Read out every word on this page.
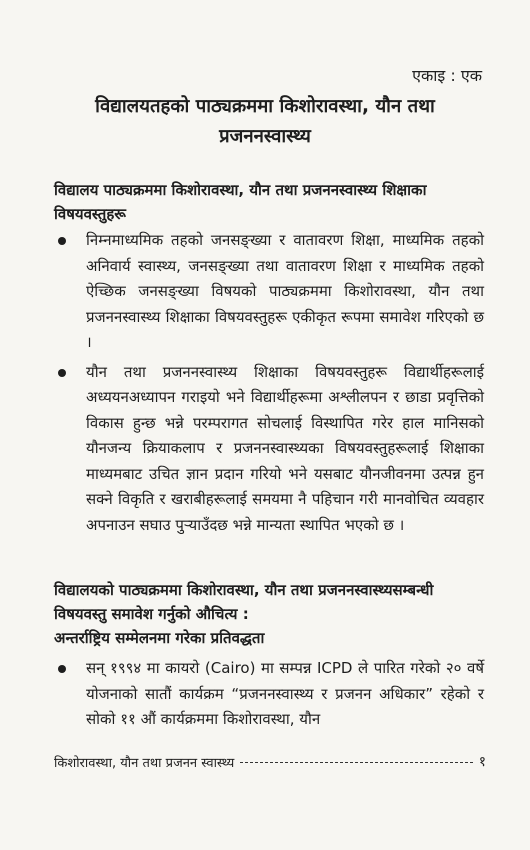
एकाइ : एक
विद्यालयतहको पाठ्यक्रममा किशोरावस्था, यौन तथा
प्रजननस्वास्थ्य
विद्यालय पाठ्यक्रममा किशोरावस्था, यौन तथा प्रजननस्वास्थ्य शिक्षाका विषयवस्तुहरू
निम्नमाध्यमिक तहको जनसङ्ख्या र वातावरण शिक्षा, माध्यमिक तहको अनिवार्य स्वास्थ्य, जनसङ्ख्या तथा वातावरण शिक्षा र माध्यमिक तहको ऐच्छिक जनसङ्ख्या विषयको पाठ्यक्रममा किशोरावस्था, यौन तथा प्रजननस्वास्थ्य शिक्षाका विषयवस्तुहरू एकीकृत रूपमा समावेश गरिएको छ ।
यौन तथा प्रजननस्वास्थ्य शिक्षाका विषयवस्तुहरू विद्यार्थीहरूलाई अध्ययनअध्यापन गराइयो भने विद्यार्थीहरूमा अश्लीलपन र छाडा प्रवृत्तिको विकास हुन्छ भन्ने परम्परागत सोचलाई विस्थापित गरेर हाल मानिसको यौनजन्य क्रियाकलाप र प्रजननस्वास्थ्यका विषयवस्तुहरूलाई शिक्षाका माध्यमबाट उचित ज्ञान प्रदान गरियो भने यसबाट यौनजीवनमा उत्पन्न हुन सक्ने विकृति र खराबीहरूलाई समयमा नै पहिचान गरी मानवोचित व्यवहार अपनाउन सघाउ पुऱ्याउँदछ भन्ने मान्यता स्थापित भएको छ ।
विद्यालयको पाठ्यक्रममा किशोरावस्था, यौन तथा प्रजननस्वास्थ्यसम्बन्धी विषयवस्तु समावेश गर्नुको औचित्य :
अन्तर्राष्ट्रिय सम्मेलनमा गरेका प्रतिवद्धता
सन् १९९४ मा कायरो (Cairo) मा सम्पन्न ICPD ले पारित गरेको २० वर्षे योजनाको सातौं कार्यक्रम “प्रजननस्वास्थ्य र प्रजनन अधिकार” रहेको र सोको ११ औं कार्यक्रममा किशोरावस्था, यौन
किशोरावस्था, यौन तथा प्रजनन स्वास्थ्य	१
